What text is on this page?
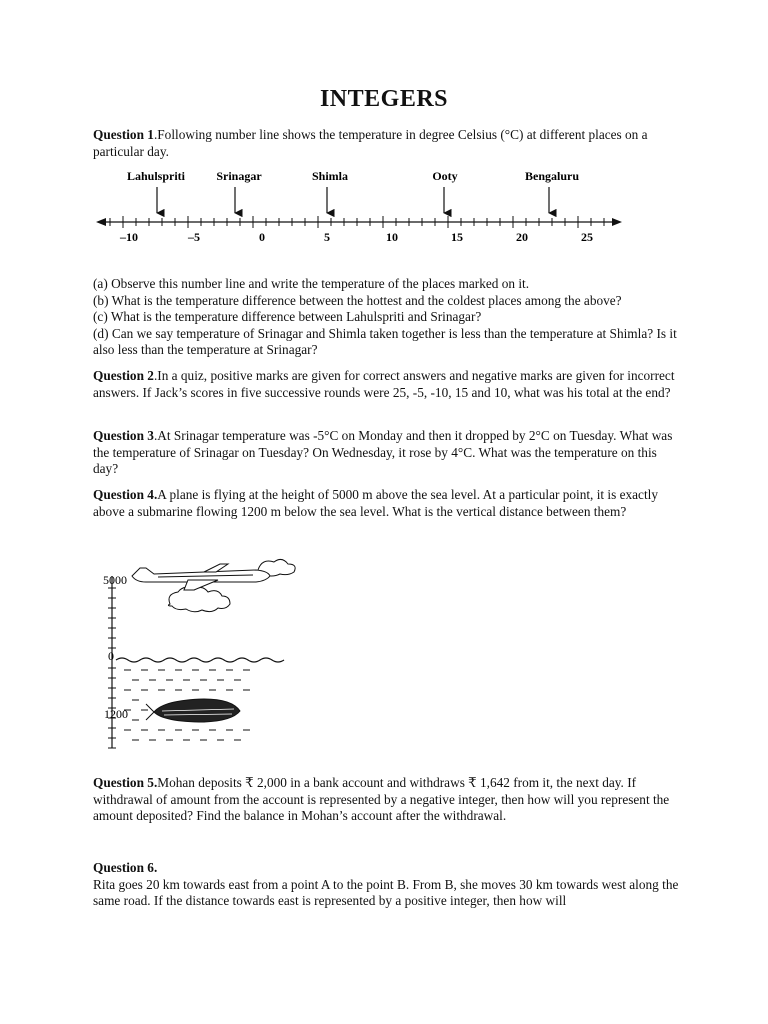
INTEGERS
Question 1.Following number line shows the temperature in degree Celsius (°C) at different places on a particular day.
Lahulspriti	Srinagar	Shimla	Ooty	Bengaluru
–10	–5	0	5	10	15	20	25
(a) Observe this number line and write the temperature of the places marked on it.
(b) What is the temperature difference between the hottest and the coldest places among the above?
(c) What is the temperature difference between Lahulspriti and Srinagar?
(d) Can we say temperature of Srinagar and Shimla taken together is less than the temperature at Shimla? Is it also less than the temperature at Srinagar?
Question 2.In a quiz, positive marks are given for correct answers and negative marks are given for incorrect answers. If Jack’s scores in five successive rounds were 25, -5, -10, 15 and 10, what was his total at the end?
Question 3.At Srinagar temperature was -5°C on Monday and then it dropped by 2°C on Tuesday. What was the temperature of Srinagar on Tuesday? On Wednesday, it rose by 4°C. What was the temperature on this day?
Question 4.A plane is flying at the height of 5000 m above the sea level. At a particular point, it is exactly above a submarine flowing 1200 m below the sea level. What is the vertical distance between them?
5000
0
1200
Question 5.Mohan deposits ₹ 2,000 in a bank account and withdraws ₹ 1,642 from it, the next day. If withdrawal of amount from the account is represented by a negative integer, then how will you represent the amount deposited? Find the balance in Mohan’s account after the withdrawal.
Question 6.
Rita goes 20 km towards east from a point A to the point B. From B, she moves 30 km towards west along the same road. If the distance towards east is represented by a positive integer, then how will
